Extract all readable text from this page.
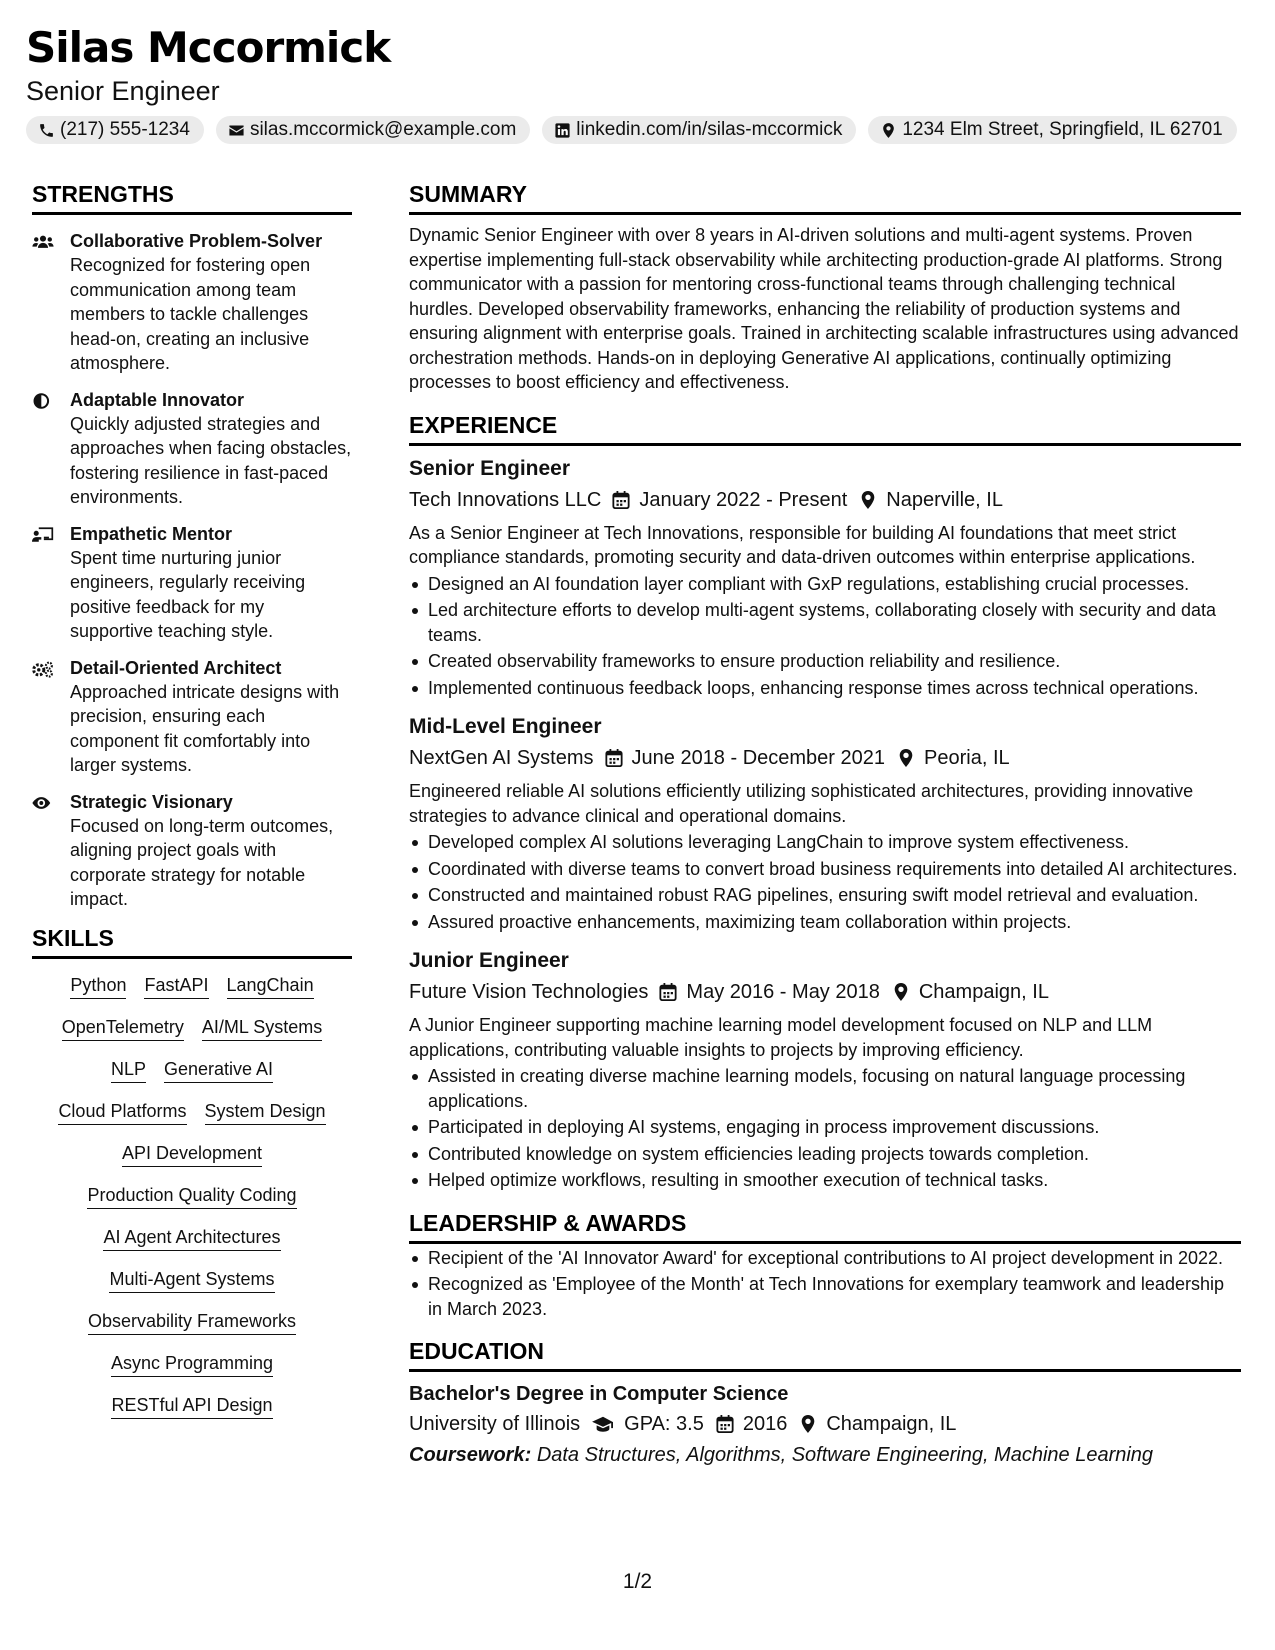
Silas Mccormick
Senior Engineer
(217) 555-1234	silas.mccormick@example.com	linkedin.com/in/silas-mccormick	1234 Elm Street, Springfield, IL 62701
STRENGTHS
Collaborative Problem-Solver
Recognized for fostering open communication among team members to tackle challenges head-on, creating an inclusive atmosphere.
Adaptable Innovator
Quickly adjusted strategies and approaches when facing obstacles, fostering resilience in fast-paced environments.
Empathetic Mentor
Spent time nurturing junior engineers, regularly receiving positive feedback for my supportive teaching style.
Detail-Oriented Architect
Approached intricate designs with precision, ensuring each component fit comfortably into larger systems.
Strategic Visionary
Focused on long-term outcomes, aligning project goals with corporate strategy for notable impact.
SKILLS
Python FastAPI LangChain
OpenTelemetry AI/ML Systems
NLP Generative AI
Cloud Platforms System Design
API Development
Production Quality Coding
AI Agent Architectures
Multi-Agent Systems
Observability Frameworks
Async Programming
RESTful API Design
SUMMARY
Dynamic Senior Engineer with over 8 years in AI-driven solutions and multi-agent systems. Proven expertise implementing full-stack observability while architecting production-grade AI platforms. Strong communicator with a passion for mentoring cross-functional teams through challenging technical hurdles. Developed observability frameworks, enhancing the reliability of production systems and ensuring alignment with enterprise goals. Trained in architecting scalable infrastructures using advanced orchestration methods. Hands-on in deploying Generative AI applications, continually optimizing processes to boost efficiency and effectiveness.
EXPERIENCE
Senior Engineer
Tech Innovations LLC January 2022 - Present Naperville, IL
As a Senior Engineer at Tech Innovations, responsible for building AI foundations that meet strict compliance standards, promoting security and data-driven outcomes within enterprise applications.
Designed an AI foundation layer compliant with GxP regulations, establishing crucial processes.
Led architecture efforts to develop multi-agent systems, collaborating closely with security and data teams.
Created observability frameworks to ensure production reliability and resilience.
Implemented continuous feedback loops, enhancing response times across technical operations.
Mid-Level Engineer
NextGen AI Systems June 2018 - December 2021 Peoria, IL
Engineered reliable AI solutions efficiently utilizing sophisticated architectures, providing innovative strategies to advance clinical and operational domains.
Developed complex AI solutions leveraging LangChain to improve system effectiveness.
Coordinated with diverse teams to convert broad business requirements into detailed AI architectures.
Constructed and maintained robust RAG pipelines, ensuring swift model retrieval and evaluation.
Assured proactive enhancements, maximizing team collaboration within projects.
Junior Engineer
Future Vision Technologies May 2016 - May 2018 Champaign, IL
A Junior Engineer supporting machine learning model development focused on NLP and LLM applications, contributing valuable insights to projects by improving efficiency.
Assisted in creating diverse machine learning models, focusing on natural language processing applications.
Participated in deploying AI systems, engaging in process improvement discussions.
Contributed knowledge on system efficiencies leading projects towards completion.
Helped optimize workflows, resulting in smoother execution of technical tasks.
LEADERSHIP & AWARDS
Recipient of the 'AI Innovator Award' for exceptional contributions to AI project development in 2022.
Recognized as 'Employee of the Month' at Tech Innovations for exemplary teamwork and leadership in March 2023.
EDUCATION
Bachelor's Degree in Computer Science
University of Illinois GPA: 3.5 2016 Champaign, IL
Coursework: Data Structures, Algorithms, Software Engineering, Machine Learning
1/2
